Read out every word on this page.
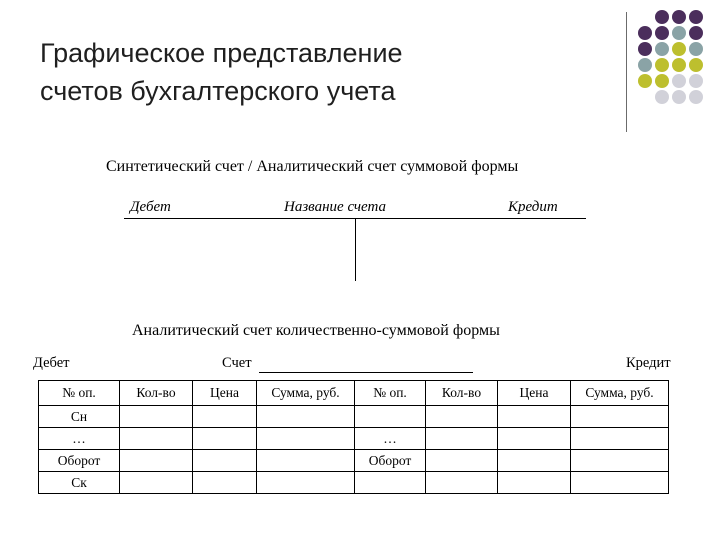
Графическое представление
счетов бухгалтерского учета
Синтетический счет / Аналитический счет суммовой формы
Дебет	Название счета	Кредит
Аналитический счет количественно-суммовой формы
Дебет	Счет	Кредит
№ оп.	Кол-во	Цена	Сумма, руб.	№ оп.	Кол-во	Цена	Сумма, руб.
Сн							
…				…			
Оборот				Оборот			
Ск							
